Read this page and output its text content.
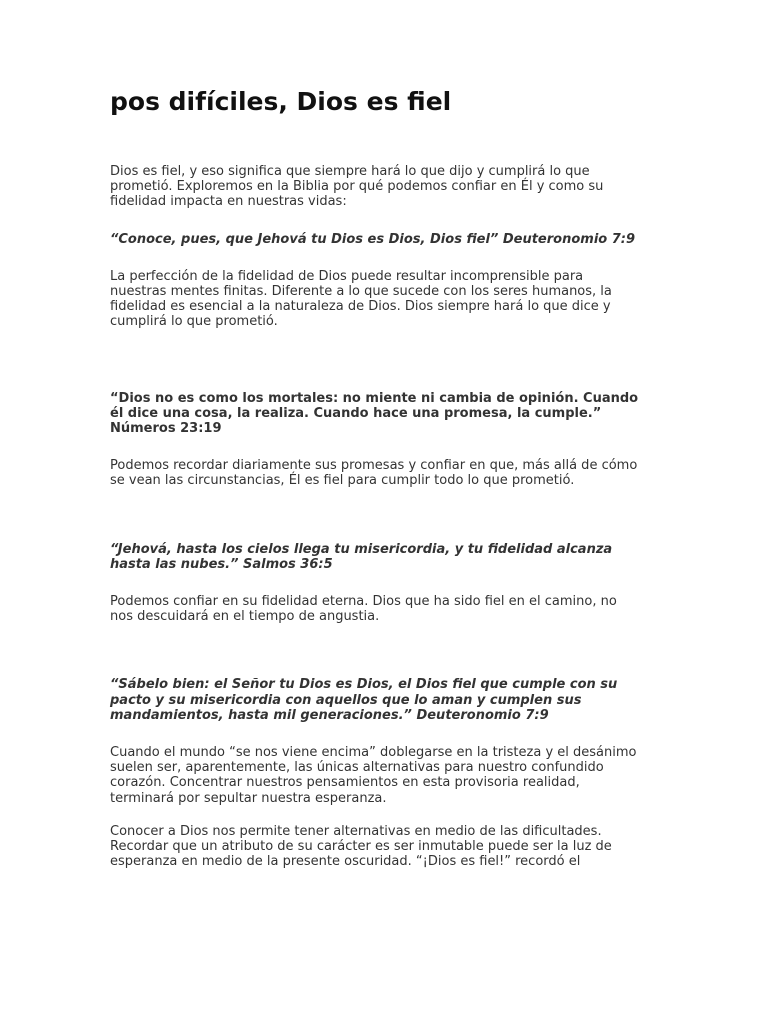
pos difíciles, Dios es fiel

Dios es fiel, y eso significa que siempre hará lo que dijo y cumplirá lo que prometió. Exploremos en la Biblia por qué podemos confiar en Él y como su fidelidad impacta en nuestras vidas:

“Conoce, pues, que Jehová tu Dios es Dios, Dios fiel” Deuteronomio 7:9

La perfección de la fidelidad de Dios puede resultar incomprensible para nuestras mentes finitas. Diferente a lo que sucede con los seres humanos, la fidelidad es esencial a la naturaleza de Dios. Dios siempre hará lo que dice y cumplirá lo que prometió.

“Dios no es como los mortales: no miente ni cambia de opinión. Cuando él dice una cosa, la realiza. Cuando hace una promesa, la cumple.” Números 23:19

Podemos recordar diariamente sus promesas y confiar en que, más allá de cómo se vean las circunstancias, Él es fiel para cumplir todo lo que prometió.

“Jehová, hasta los cielos llega tu misericordia, y tu fidelidad alcanza hasta las nubes.” Salmos 36:5

Podemos confiar en su fidelidad eterna. Dios que ha sido fiel en el camino, no nos descuidará en el tiempo de angustia.

“Sábelo bien: el Señor tu Dios es Dios, el Dios fiel que cumple con su pacto y su misericordia con aquellos que lo aman y cumplen sus mandamientos, hasta mil generaciones.” Deuteronomio 7:9

Cuando el mundo “se nos viene encima” doblegarse en la tristeza y el desánimo suelen ser, aparentemente, las únicas alternativas para nuestro confundido corazón. Concentrar nuestros pensamientos en esta provisoria realidad, terminará por sepultar nuestra esperanza.

Conocer a Dios nos permite tener alternativas en medio de las dificultades. Recordar que un atributo de su carácter es ser inmutable puede ser la luz de esperanza en medio de la presente oscuridad. “¡Dios es fiel!” recordó el
